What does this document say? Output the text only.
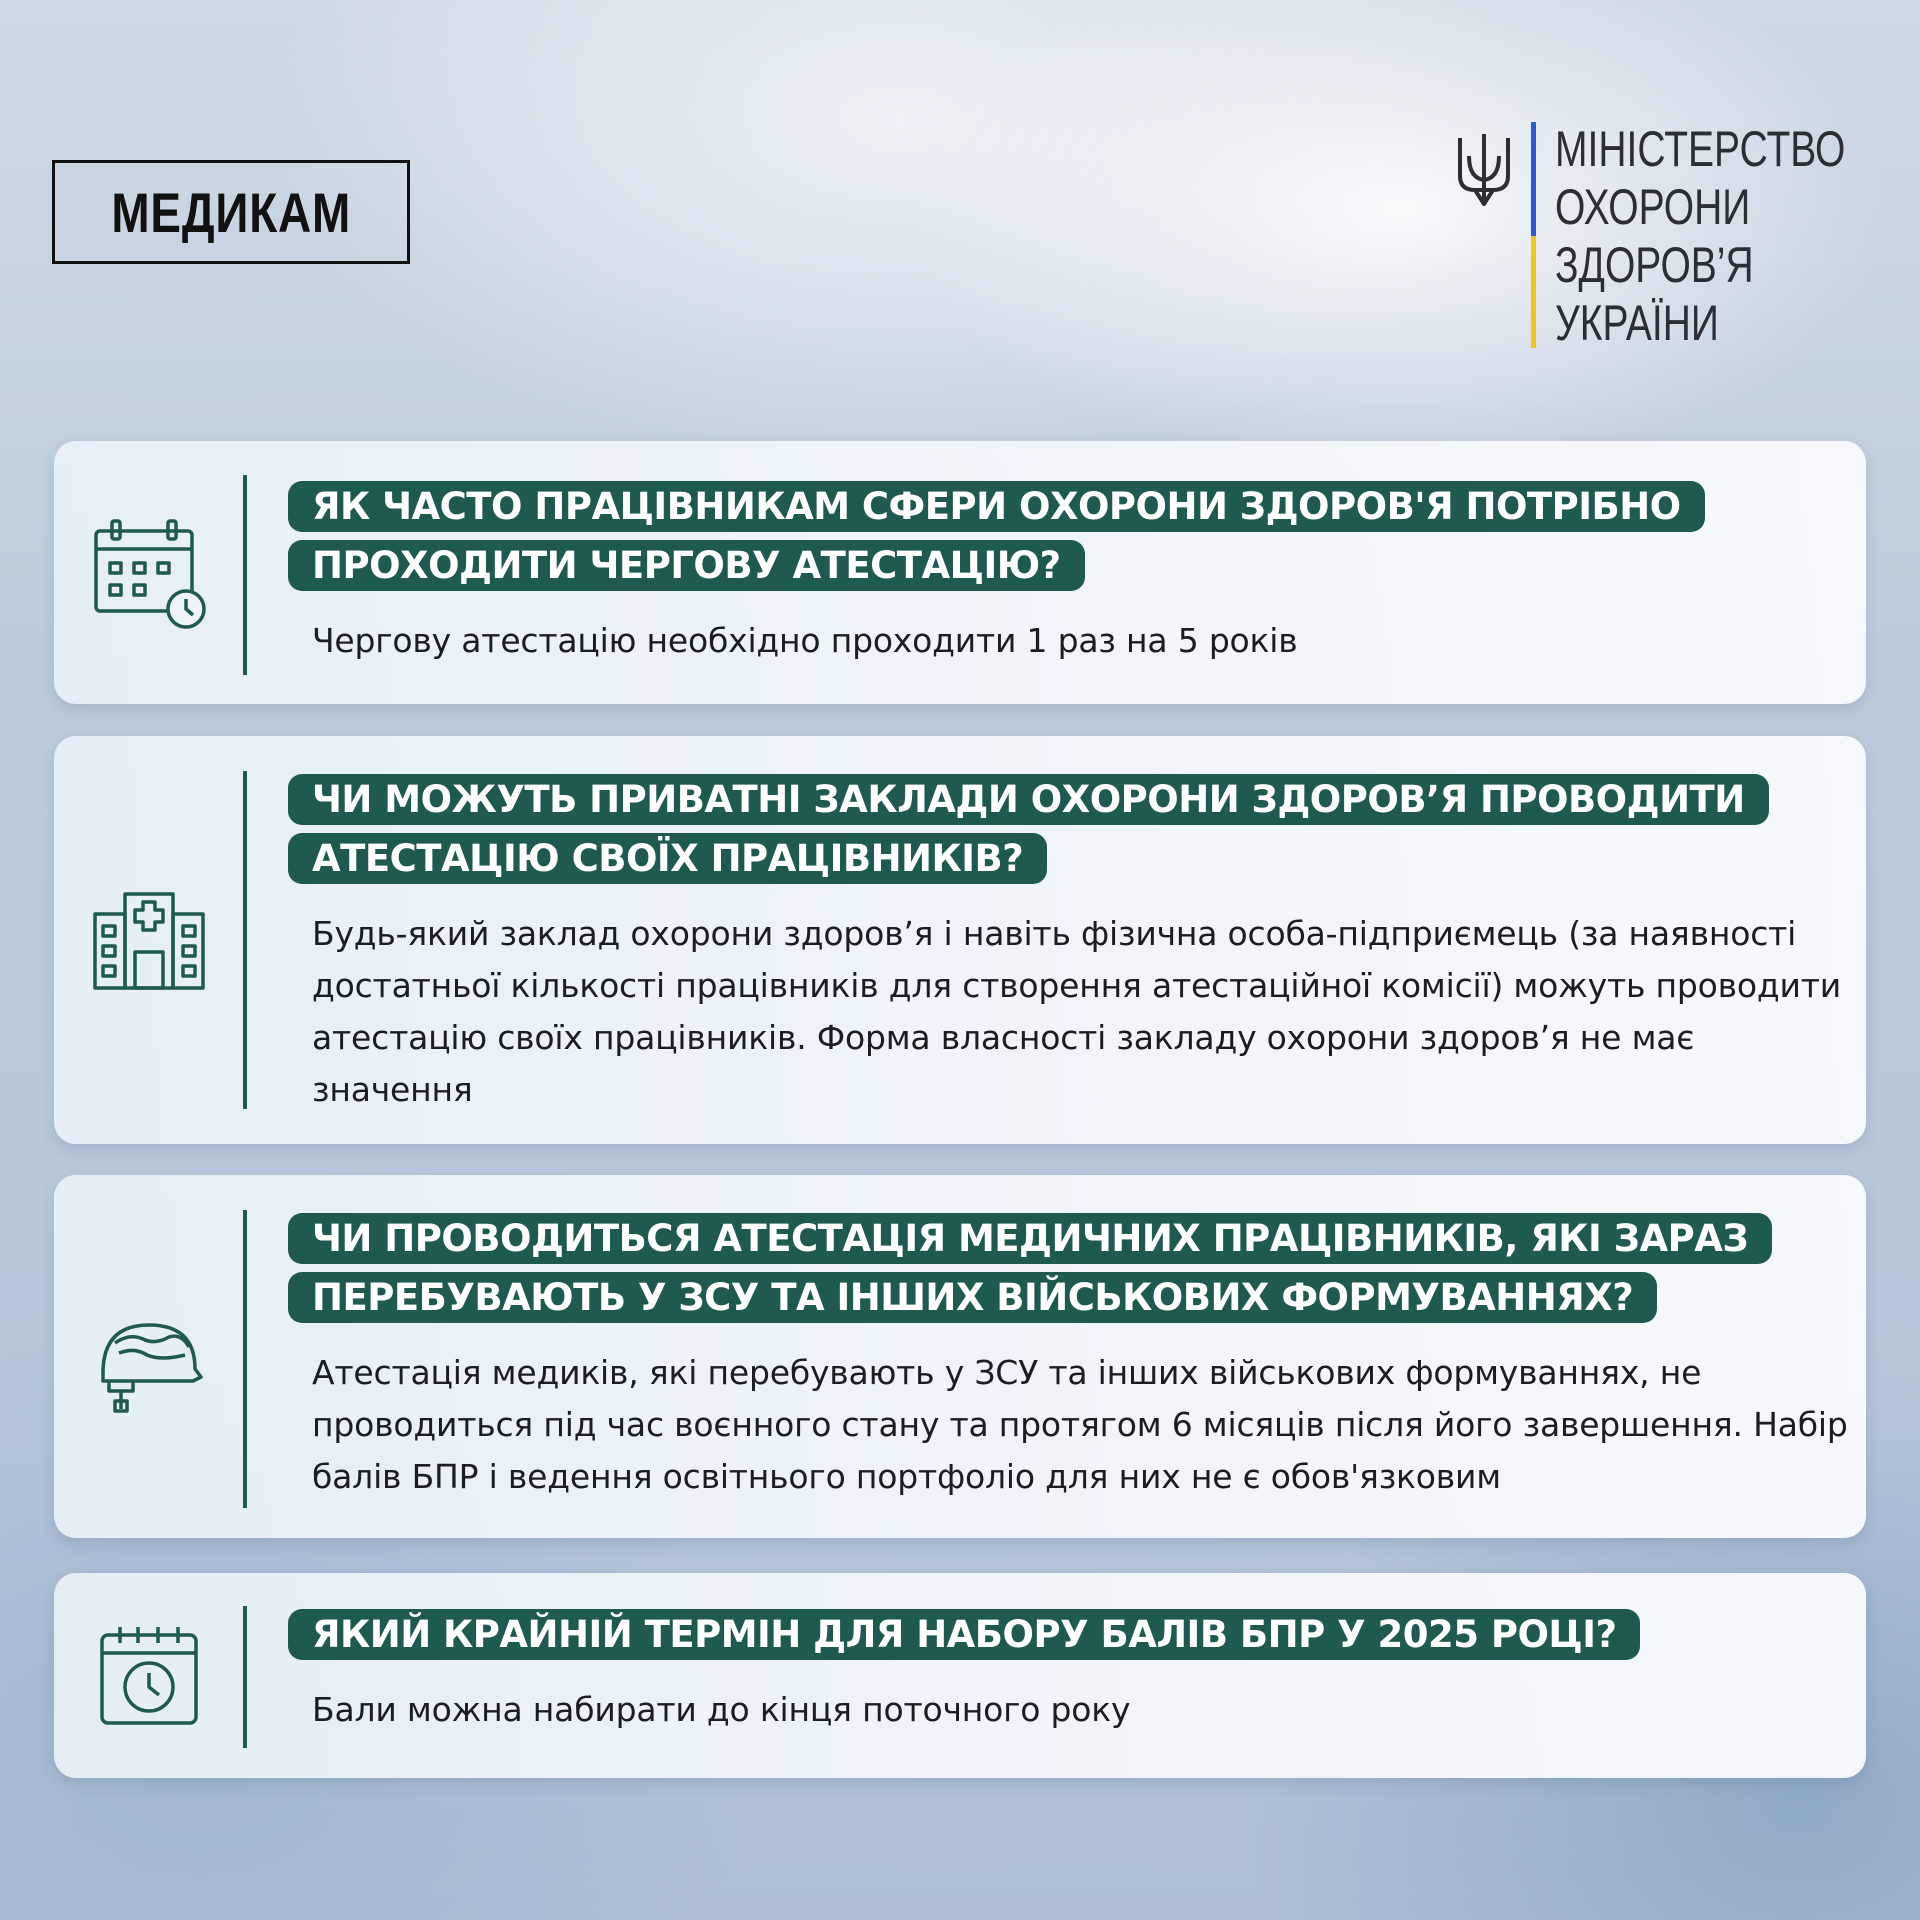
МЕДИКАМ
МІНІСТЕРСТВО
ОХОРОНИ
ЗДОРОВ’Я
УКРАЇНИ
ЯК ЧАСТО ПРАЦІВНИКАМ СФЕРИ ОХОРОНИ ЗДОРОВ'Я ПОТРІБНО ПРОХОДИТИ ЧЕРГОВУ АТЕСТАЦІЮ?
Чергову атестацію необхідно проходити 1 раз на 5 років
ЧИ МОЖУТЬ ПРИВАТНІ ЗАКЛАДИ ОХОРОНИ ЗДОРОВ’Я ПРОВОДИТИ АТЕСТАЦІЮ СВОЇХ ПРАЦІВНИКІВ?
Будь-який заклад охорони здоров’я і навіть фізична особа-підприємець (за наявності достатньої кількості працівників для створення атестаційної комісії) можуть проводити атестацію своїх працівників. Форма власності закладу охорони здоров’я не має значення
ЧИ ПРОВОДИТЬСЯ АТЕСТАЦІЯ МЕДИЧНИХ ПРАЦІВНИКІВ, ЯКІ ЗАРАЗ ПЕРЕБУВАЮТЬ У ЗСУ ТА ІНШИХ ВІЙСЬКОВИХ ФОРМУВАННЯХ?
Атестація медиків, які перебувають у ЗСУ та інших військових формуваннях, не проводиться під час воєнного стану та протягом 6 місяців після його завершення. Набір балів БПР і ведення освітнього портфоліо для них не є обов'язковим
ЯКИЙ КРАЙНІЙ ТЕРМІН ДЛЯ НАБОРУ БАЛІВ БПР У 2025 РОЦІ?
Бали можна набирати до кінця поточного року
